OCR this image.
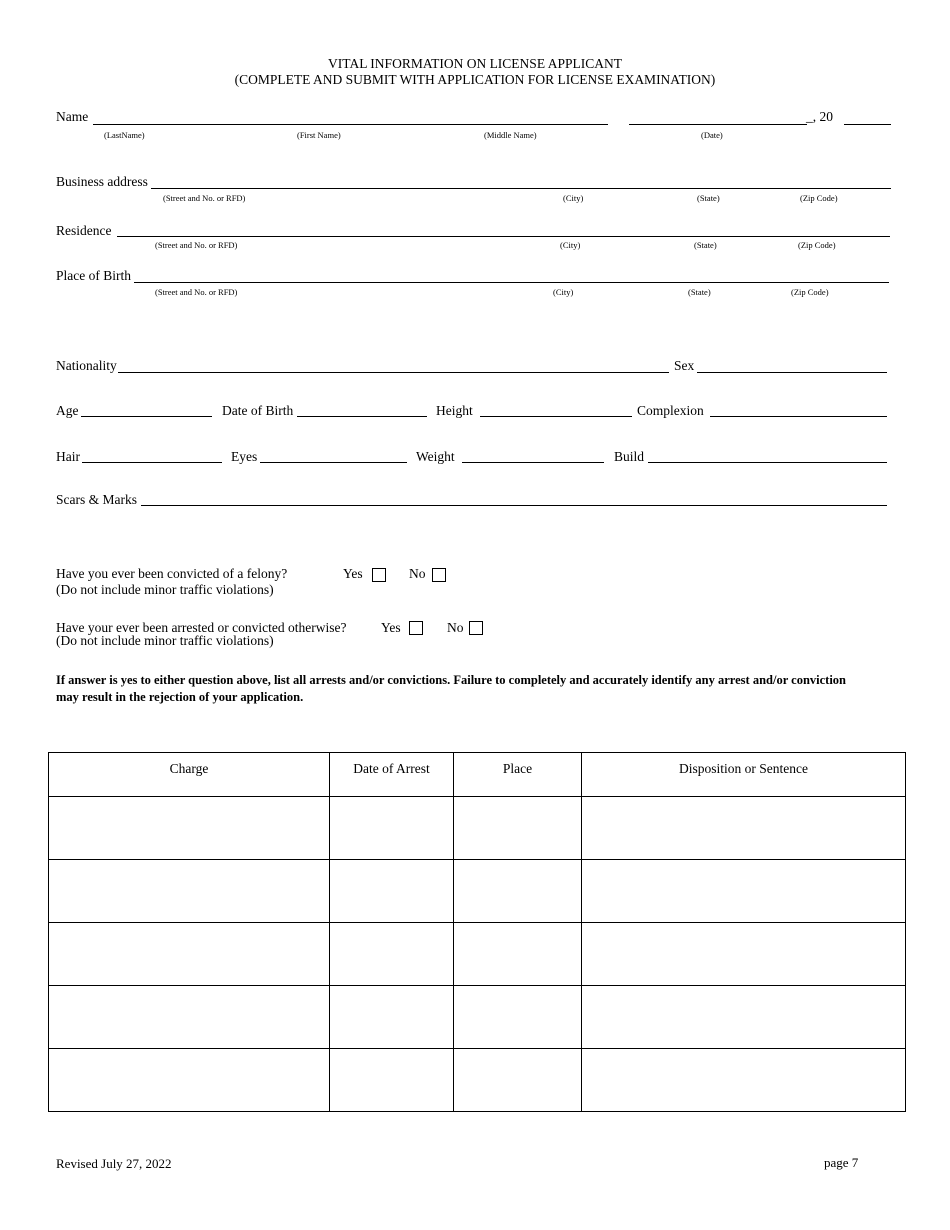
VITAL INFORMATION ON LICENSE APPLICANT
(COMPLETE AND SUBMIT WITH APPLICATION FOR LICENSE EXAMINATION)
Name	_, 20
(LastName)	(First Name)	(Middle Name)	(Date)
Business address
(Street and No. or RFD)	(City)	(State)	(Zip Code)
Residence
(Street and No. or RFD)	(City)	(State)	(Zip Code)
Place of Birth
(Street and No. or RFD)	(City)	(State)	(Zip Code)
Nationality	Sex
Age	Date of Birth	Height	Complexion
Hair	Eyes	Weight	Build
Scars & Marks
Have you ever been convicted of a felony?
(Do not include minor traffic violations)
Yes	No
Have your ever been arrested or convicted otherwise?
(Do not include minor traffic violations)
Yes	No
If answer is yes to either question above, list all arrests and/or convictions. Failure to completely and accurately identify any arrest and/or conviction may result in the rejection of your application.
Charge	Date of Arrest	Place	Disposition or Sentence

Revised July 27, 2022	page 7
